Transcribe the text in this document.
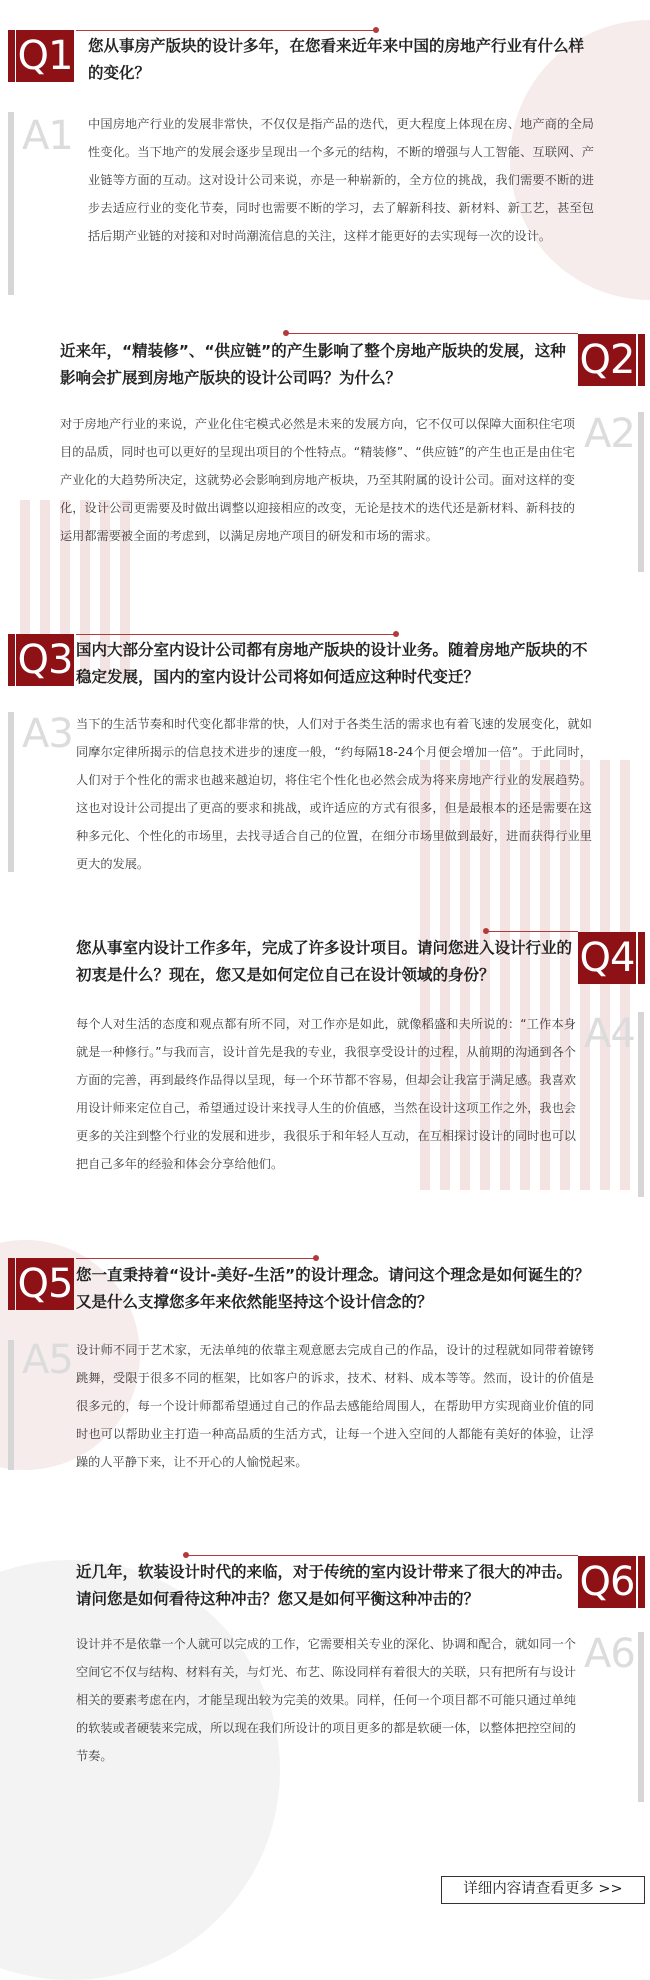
Q1 您从事房产版块的设计多年，在您看来近年来中国的房地产行业有什么样的变化？
A1 中国房地产行业的发展非常快，不仅仅是指产品的迭代，更大程度上体现在房、地产商的全局性变化。当下地产的发展会逐步呈现出一个多元的结构，不断的增强与人工智能、互联网、产业链等方面的互动。这对设计公司来说，亦是一种崭新的，全方位的挑战，我们需要不断的进步去适应行业的变化节奏，同时也需要不断的学习，去了解新科技、新材料、新工艺，甚至包括后期产业链的对接和对时尚潮流信息的关注，这样才能更好的去实现每一次的设计。
Q2
近来年，“精装修”、“供应链”的产生影响了整个房地产版块的发展，这种影响会扩展到房地产版块的设计公司吗？为什么？
A2
对于房地产行业的来说，产业化住宅模式必然是未来的发展方向，它不仅可以保障大面积住宅项目的品质，同时也可以更好的呈现出项目的个性特点。“精装修”、“供应链”的产生也正是由住宅产业化的大趋势所决定，这就势必会影响到房地产板块，乃至其附属的设计公司。面对这样的变化，设计公司更需要及时做出调整以迎接相应的改变，无论是技术的迭代还是新材料、新科技的运用都需要被全面的考虑到，以满足房地产项目的研发和市场的需求。
Q3 国内大部分室内设计公司都有房地产版块的设计业务。随着房地产版块的不稳定发展，国内的室内设计公司将如何适应这种时代变迁？
A3 当下的生活节奏和时代变化都非常的快，人们对于各类生活的需求也有着飞速的发展变化，就如同摩尔定律所揭示的信息技术进步的速度一般，“约每隔18-24个月便会增加一倍”。于此同时，人们对于个性化的需求也越来越迫切，将住宅个性化也必然会成为将来房地产行业的发展趋势。这也对设计公司提出了更高的要求和挑战，或许适应的方式有很多，但是最根本的还是需要在这种多元化、个性化的市场里，去找寻适合自己的位置，在细分市场里做到最好，进而获得行业里更大的发展。
Q4
您从事室内设计工作多年，完成了许多设计项目。请问您进入设计行业的初衷是什么？现在，您又是如何定位自己在设计领域的身份？
A4
每个人对生活的态度和观点都有所不同，对工作亦是如此，就像稻盛和夫所说的：“工作本身就是一种修行。”与我而言，设计首先是我的专业，我很享受设计的过程，从前期的沟通到各个方面的完善，再到最终作品得以呈现，每一个环节都不容易，但却会让我富于满足感。我喜欢用设计师来定位自己，希望通过设计来找寻人生的价值感，当然在设计这项工作之外，我也会更多的关注到整个行业的发展和进步，我很乐于和年轻人互动，在互相探讨设计的同时也可以把自己多年的经验和体会分享给他们。
Q5 您一直秉持着“设计-美好-生活”的设计理念。请问这个理念是如何诞生的？又是什么支撑您多年来依然能坚持这个设计信念的？
A5 设计师不同于艺术家，无法单纯的依靠主观意愿去完成自己的作品，设计的过程就如同带着镣铐跳舞，受限于很多不同的框架，比如客户的诉求，技术、材料、成本等等。然而，设计的价值是很多元的，每一个设计师都希望通过自己的作品去感能给周围人，在帮助甲方实现商业价值的同时也可以帮助业主打造一种高品质的生活方式，让每一个进入空间的人都能有美好的体验，让浮躁的人平静下来，让不开心的人愉悦起来。
Q6
近几年，软装设计时代的来临，对于传统的室内设计带来了很大的冲击。请问您是如何看待这种冲击？您又是如何平衡这种冲击的？
A6
设计并不是依靠一个人就可以完成的工作，它需要相关专业的深化、协调和配合，就如同一个空间它不仅与结构、材料有关，与灯光、布艺、陈设同样有着很大的关联，只有把所有与设计相关的要素考虑在内，才能呈现出较为完美的效果。同样，任何一个项目都不可能只通过单纯的软装或者硬装来完成，所以现在我们所设计的项目更多的都是软硬一体，以整体把控空间的节奏。
详细内容请查看更多 >>
